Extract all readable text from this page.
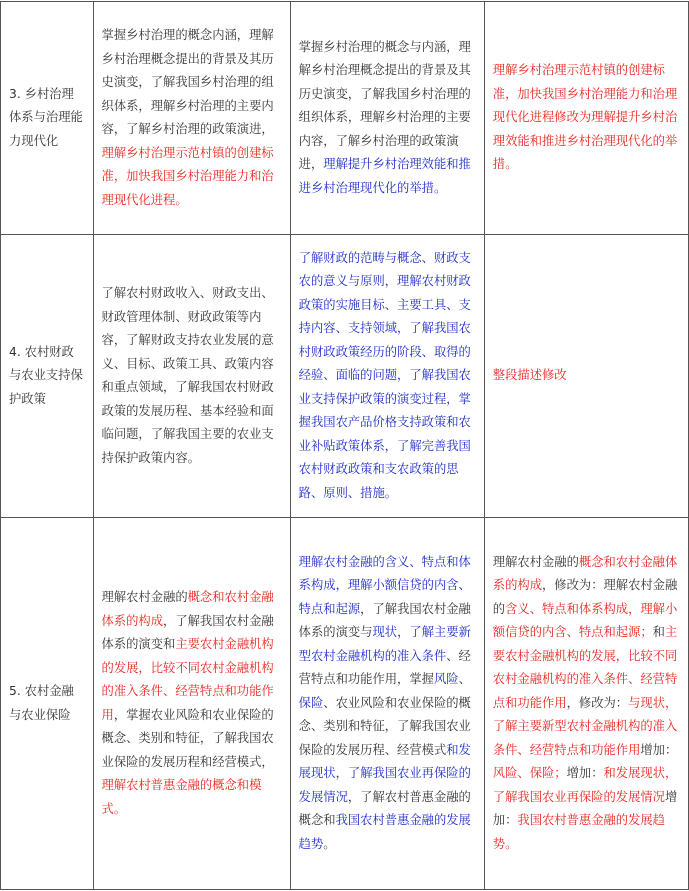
3. 乡村治理体系与治理能力现代化	掌握乡村治理的概念内涵，理解乡村治理概念提出的背景及其历史演变，了解我国乡村治理的组织体系，理解乡村治理的主要内容，了解乡村治理的政策演进，理解乡村治理示范村镇的创建标准，加快我国乡村治理能力和治理现代化进程。	掌握乡村治理的概念与内涵，理解乡村治理概念提出的背景及其历史演变，了解我国乡村治理的组织体系，理解乡村治理的主要内容，了解乡村治理的政策演进，理解提升乡村治理效能和推进乡村治理现代化的举措。	理解乡村治理示范村镇的创建标准，加快我国乡村治理能力和治理现代化进程修改为理解提升乡村治理效能和推进乡村治理现代化的举措。
4. 农村财政与农业支持保护政策	了解农村财政收入、财政支出、财政管理体制、财政政策等内容，了解财政支持农业发展的意义、目标、政策工具、政策内容和重点领域，了解我国农村财政政策的发展历程、基本经验和面临问题，了解我国主要的农业支持保护政策内容。	了解财政的范畴与概念、财政支农的意义与原则，理解农村财政政策的实施目标、主要工具、支持内容、支持领域，了解我国农村财政政策经历的阶段、取得的经验、面临的问题，了解我国农业支持保护政策的演变过程，掌握我国农产品价格支持政策和农业补贴政策体系，了解完善我国农村财政政策和支农政策的思路、原则、措施。	整段描述修改
5. 农村金融与农业保险	理解农村金融的概念和农村金融体系的构成，了解我国农村金融体系的演变和主要农村金融机构的发展，比较不同农村金融机构的准入条件、经营特点和功能作用，掌握农业风险和农业保险的概念、类别和特征，了解我国农业保险的发展历程和经营模式，理解农村普惠金融的概念和模式。	理解农村金融的含义、特点和体系构成，理解小额信贷的内含、特点和起源，了解我国农村金融体系的演变与现状，了解主要新型农村金融机构的准入条件、经营特点和功能作用，掌握风险、保险、农业风险和农业保险的概念、类别和特征，了解我国农业保险的发展历程、经营模式和发展现状，了解我国农业再保险的发展情况，了解农村普惠金融的概念和我国农村普惠金融的发展趋势。	理解农村金融的概念和农村金融体系的构成，修改为：理解农村金融的含义、特点和体系构成，理解小额信贷的内含、特点和起源；和主要农村金融机构的发展，比较不同农村金融机构的准入条件、经营特点和功能作用，修改为：与现状，了解主要新型农村金融机构的准入条件、经营特点和功能作用增加：风险、保险；增加：和发展现状，了解我国农业再保险的发展情况增加：我国农村普惠金融的发展趋势。
